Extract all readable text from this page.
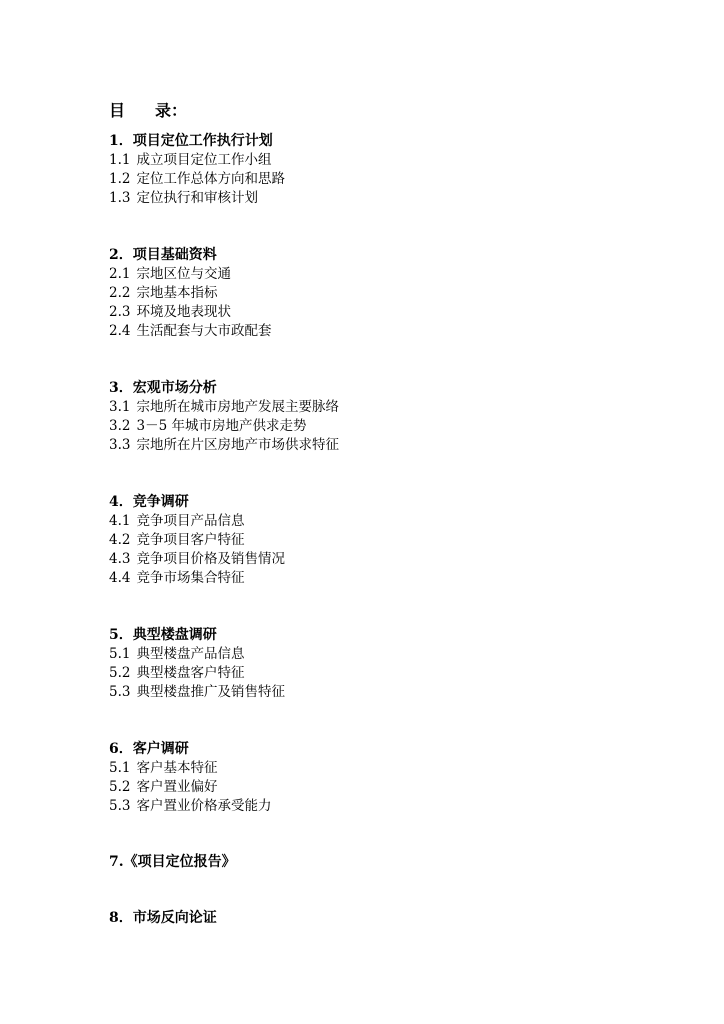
目 录：
1．项目定位工作执行计划
1.1 成立项目定位工作小组
1.2 定位工作总体方向和思路
1.3 定位执行和审核计划
2．项目基础资料
2.1 宗地区位与交通
2.2 宗地基本指标
2.3 环境及地表现状
2.4 生活配套与大市政配套
3．宏观市场分析
3.1 宗地所在城市房地产发展主要脉络
3.2 3－5 年城市房地产供求走势
3.3 宗地所在片区房地产市场供求特征
4．竞争调研
4.1 竞争项目产品信息
4.2 竞争项目客户特征
4.3 竞争项目价格及销售情况
4.4 竞争市场集合特征
5．典型楼盘调研
5.1 典型楼盘产品信息
5.2 典型楼盘客户特征
5.3 典型楼盘推广及销售特征
6．客户调研
5.1 客户基本特征
5.2 客户置业偏好
5.3 客户置业价格承受能力
7.《项目定位报告》
8．市场反向论证
